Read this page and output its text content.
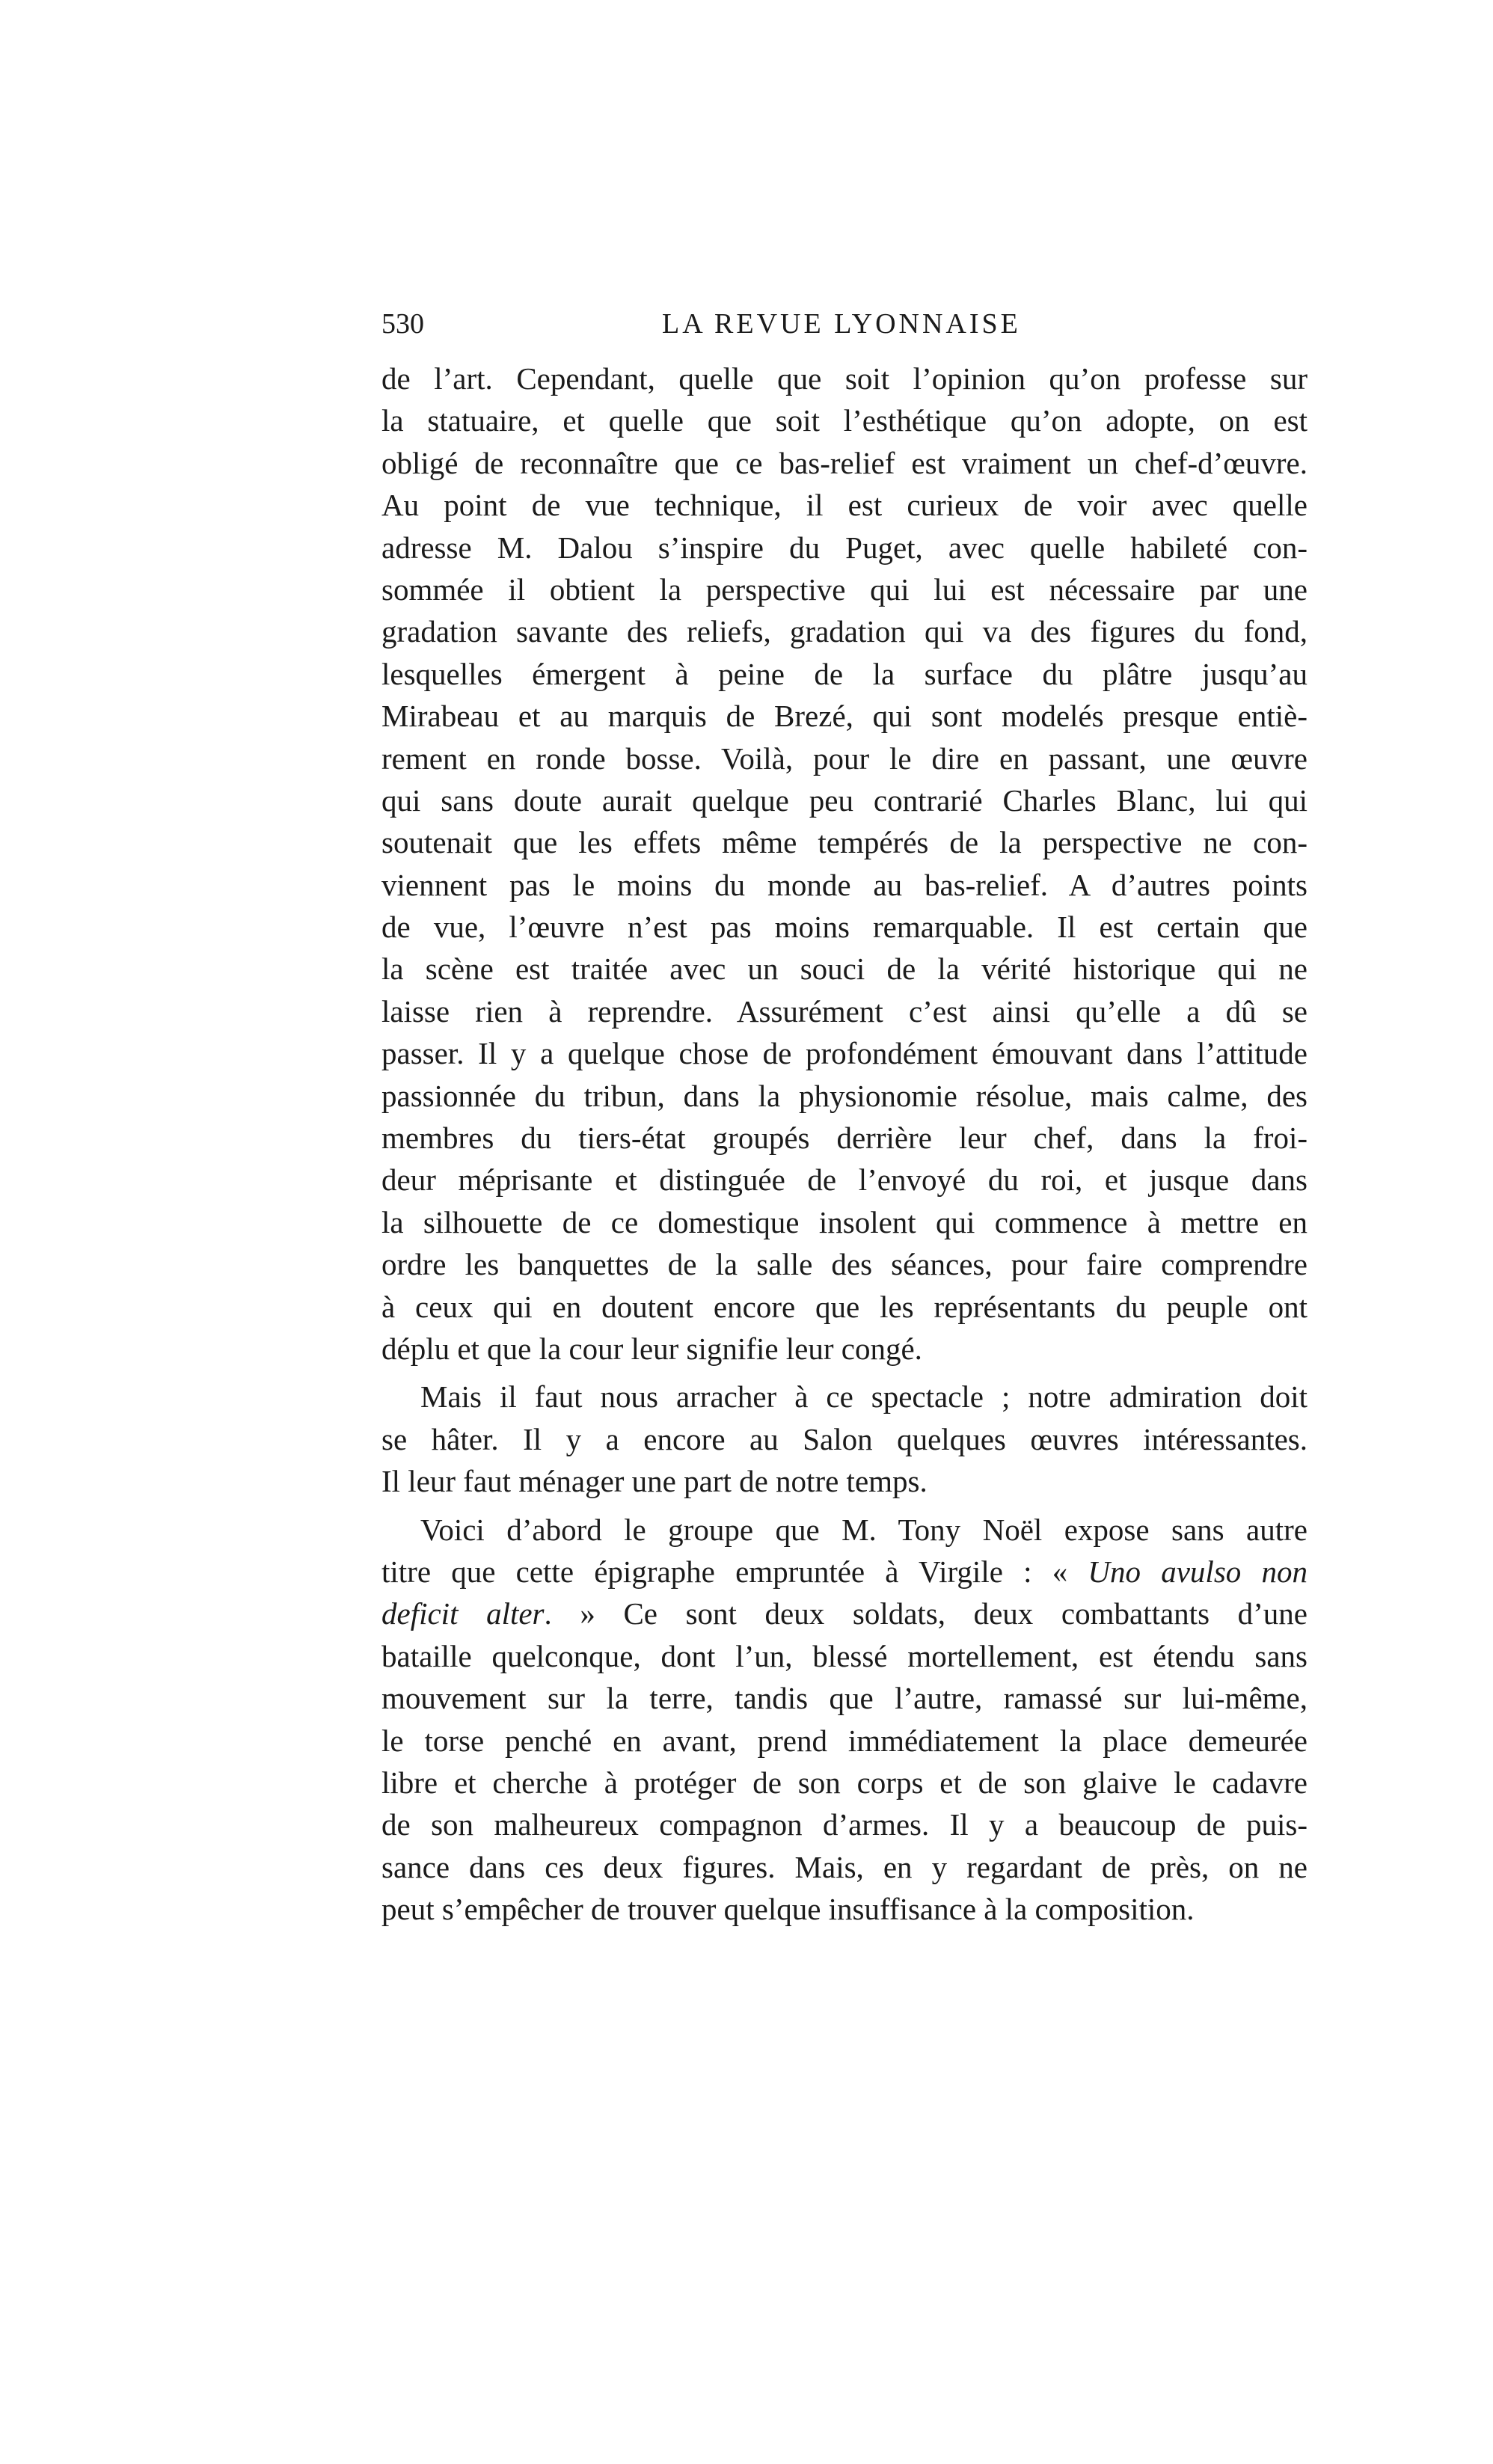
530	LA REVUE LYONNAISE
de l’art. Cependant, quelle que soit l’opinion qu’on professe sur
la statuaire, et quelle que soit l’esthétique qu’on adopte, on est
obligé de reconnaître que ce bas-relief est vraiment un chef-d’œuvre.
Au point de vue technique, il est curieux de voir avec quelle
adresse M. Dalou s’inspire du Puget, avec quelle habileté con-
sommée il obtient la perspective qui lui est nécessaire par une
gradation savante des reliefs, gradation qui va des figures du fond,
lesquelles émergent à peine de la surface du plâtre jusqu’au
Mirabeau et au marquis de Brezé, qui sont modelés presque entiè-
rement en ronde bosse. Voilà, pour le dire en passant, une œuvre
qui sans doute aurait quelque peu contrarié Charles Blanc, lui qui
soutenait que les effets même tempérés de la perspective ne con-
viennent pas le moins du monde au bas-relief. A d’autres points
de vue, l’œuvre n’est pas moins remarquable. Il est certain que
la scène est traitée avec un souci de la vérité historique qui ne
laisse rien à reprendre. Assurément c’est ainsi qu’elle a dû se
passer. Il y a quelque chose de profondément émouvant dans l’attitude
passionnée du tribun, dans la physionomie résolue, mais calme, des
membres du tiers-état groupés derrière leur chef, dans la froi-
deur méprisante et distinguée de l’envoyé du roi, et jusque dans
la silhouette de ce domestique insolent qui commence à mettre en
ordre les banquettes de la salle des séances, pour faire comprendre
à ceux qui en doutent encore que les représentants du peuple ont
déplu et que la cour leur signifie leur congé.
Mais il faut nous arracher à ce spectacle ; notre admiration doit
se hâter. Il y a encore au Salon quelques œuvres intéressantes.
Il leur faut ménager une part de notre temps.
Voici d’abord le groupe que M. Tony Noël expose sans autre
titre que cette épigraphe empruntée à Virgile : « Uno avulso non
deficit alter. » Ce sont deux soldats, deux combattants d’une
bataille quelconque, dont l’un, blessé mortellement, est étendu sans
mouvement sur la terre, tandis que l’autre, ramassé sur lui-même,
le torse penché en avant, prend immédiatement la place demeurée
libre et cherche à protéger de son corps et de son glaive le cadavre
de son malheureux compagnon d’armes. Il y a beaucoup de puis-
sance dans ces deux figures. Mais, en y regardant de près, on ne
peut s’empêcher de trouver quelque insuffisance à la composition.
